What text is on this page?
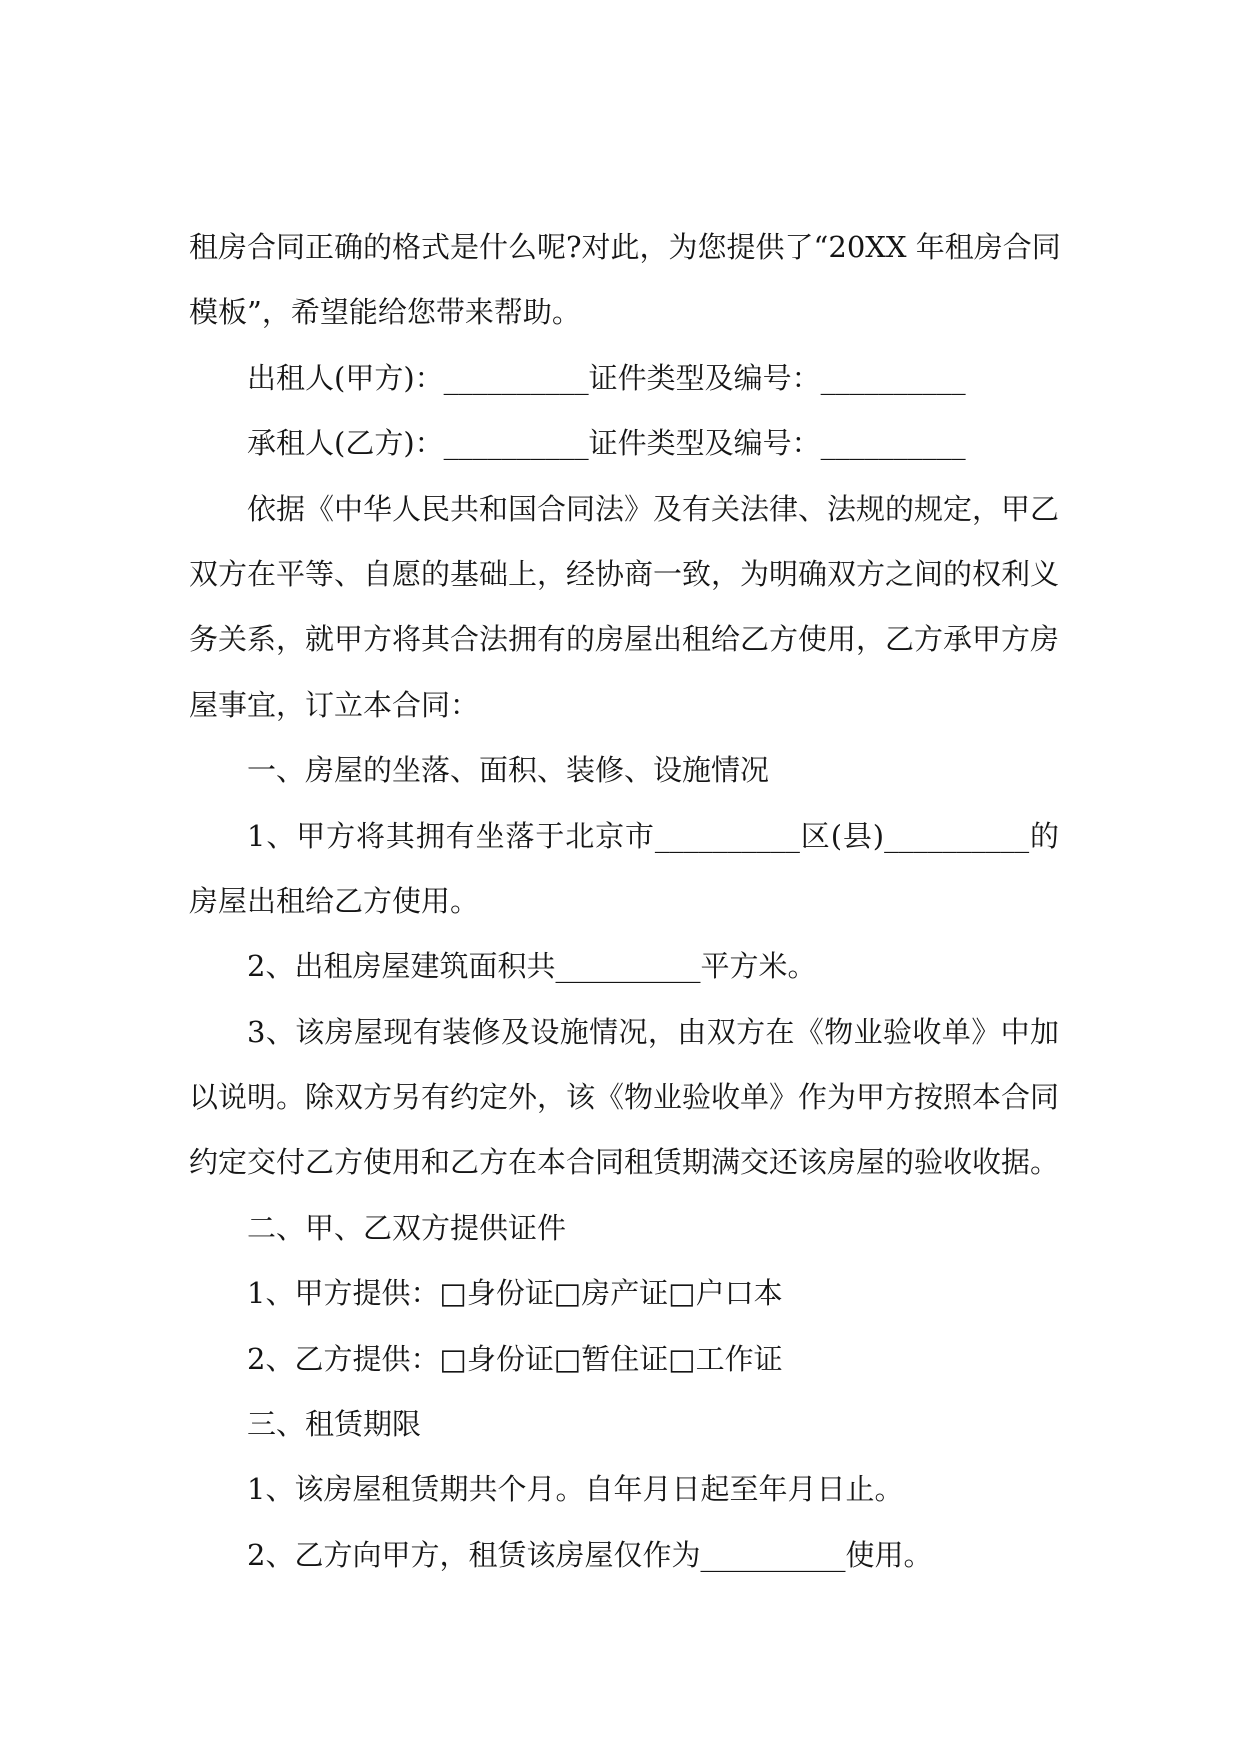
租房合同正确的格式是什么呢?对此，为您提供了“20XX 年租房合同
模板”，希望能给您带来帮助。
出租人(甲方)：__________证件类型及编号：__________
承租人(乙方)：__________证件类型及编号：__________
依据《中华人民共和国合同法》及有关法律、法规的规定，甲乙
双方在平等、自愿的基础上，经协商一致，为明确双方之间的权利义
务关系，就甲方将其合法拥有的房屋出租给乙方使用，乙方承甲方房
屋事宜，订立本合同：
一、房屋的坐落、面积、装修、设施情况
1、甲方将其拥有坐落于北京市__________区(县)__________的
房屋出租给乙方使用。
2、出租房屋建筑面积共__________平方米。
3、该房屋现有装修及设施情况，由双方在《物业验收单》中加
以说明。除双方另有约定外，该《物业验收单》作为甲方按照本合同
约定交付乙方使用和乙方在本合同租赁期满交还该房屋的验收收据。
二、甲、乙双方提供证件
1、甲方提供：□身份证□房产证□户口本
2、乙方提供：□身份证□暂住证□工作证
三、租赁期限
1、该房屋租赁期共个月。自年月日起至年月日止。
2、乙方向甲方，租赁该房屋仅作为__________使用。
